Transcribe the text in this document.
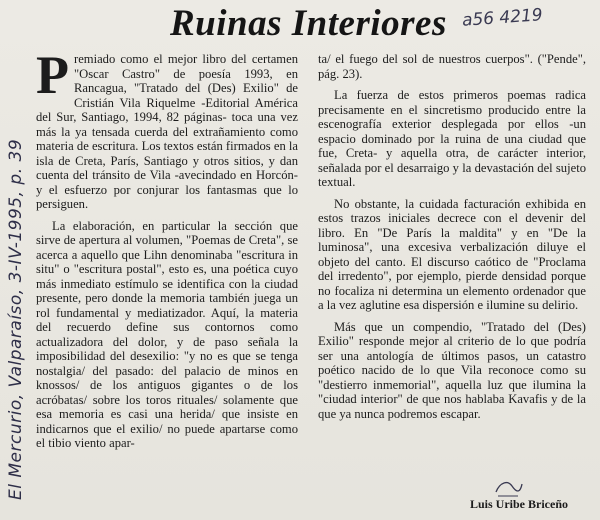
Ruinas Interiores a56 4219
El Mercurio, Valparaíso, 3-IV-1995, p. 39

Premiado como el mejor libro del certamen "Oscar Castro" de poesía 1993, en Rancagua, "Tratado del (Des) Exilio" de Cristián Vila Riquelme -Editorial América del Sur, Santiago, 1994, 82 páginas- toca una vez más la ya tensada cuerda del extrañamiento como materia de escritura. Los textos están firmados en la isla de Creta, París, Santiago y otros sitios, y dan cuenta del tránsito de Vila -avecindado en Horcón- y el esfuerzo por conjurar los fantasmas que lo persiguen.

La elaboración, en particular la sección que sirve de apertura al volumen, "Poemas de Creta", se acerca a aquello que Lihn denominaba "escritura in situ" o "escritura postal", esto es, una poética cuyo más inmediato estímulo se identifica con la ciudad presente, pero donde la memoria también juega un rol fundamental y mediatizador. Aquí, la materia del recuerdo define sus contornos como actualizadora del dolor, y de paso señala la imposibilidad del desexilio: "y no es que se tenga nostalgia/ del pasado: del palacio de minos en knossos/ de los antiguos gigantes o de los acróbatas/ sobre los toros rituales/ solamente que esa memoria es casi una herida/ que insiste en indicarnos que el exilio/ no puede apartarse como el tibio viento apar-

ta/ el fuego del sol de nuestros cuerpos". ("Pende", pág. 23).

La fuerza de estos primeros poemas radica precisamente en el sincretismo producido entre la escenografía exterior desplegada por ellos -un espacio dominado por la ruina de una ciudad que fue, Creta- y aquella otra, de carácter interior, señalada por el desarraigo y la devastación del sujeto textual.

No obstante, la cuidada facturación exhibida en estos trazos iniciales decrece con el devenir del libro. En "De París la maldita" y en "De la luminosa", una excesiva verbalización diluye el objeto del canto. El discurso caótico de "Proclama del irredento", por ejemplo, pierde densidad porque no focaliza ni determina un elemento ordenador que a la vez aglutine esa dispersión e ilumine su delirio.

Más que un compendio, "Tratado del (Des) Exilio" responde mejor al criterio de lo que podría ser una antología de últimos pasos, un catastro poético nacido de lo que Vila reconoce como su "destierro inmemorial", aquella luz que ilumina la "ciudad interior" de que nos hablaba Kavafis y de la que ya nunca podremos escapar.

Luis Uribe Briceño
